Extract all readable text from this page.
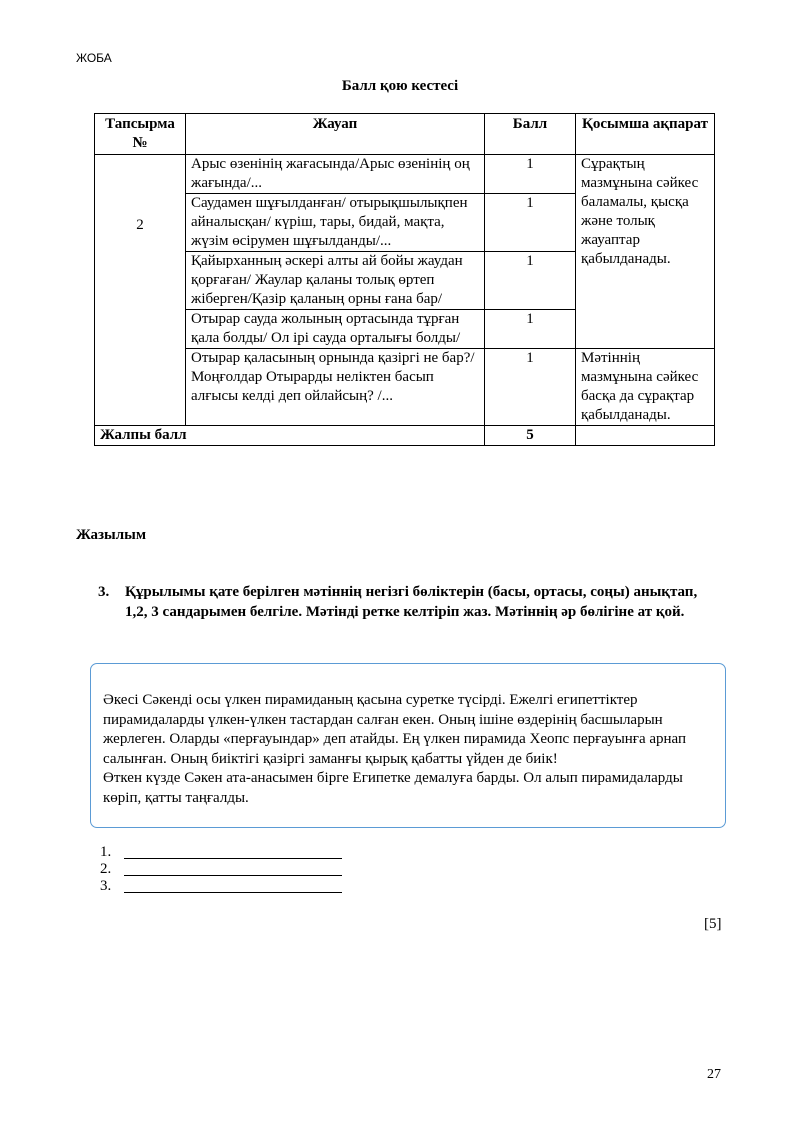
ЖОБА
Балл қою кестесі
Тапсырма №	Жауап	Балл	Қосымша ақпарат
2	Арыс өзенінің жағасында/Арыс өзенінің оң жағында/...	1	Сұрақтың мазмұнына сәйкес баламалы, қысқа және толық жауаптар қабылданады.
	Саудамен шұғылданған/ отырықшылықпен айналысқан/ күріш, тары, бидай, мақта, жүзім өсірумен шұғылданды/...	1	
	Қайырханның әскері алты ай бойы жаудан қорғаған/ Жаулар қаланы толық өртеп жіберген/Қазір қаланың орны ғана бар/	1	
	Отырар сауда жолының ортасында тұрған қала болды/ Ол ірі сауда орталығы болды/	1	
	Отырар қаласының орнында қазіргі не бар?/Моңғолдар Отырарды неліктен басып алғысы келді деп ойлайсың? /...	1	Мәтіннің мазмұнына сәйкес басқа да сұрақтар қабылданады.
Жалпы балл		5	
Жазылым
3. Құрылымы қате берілген мәтіннің негізгі бөліктерін (басы, ортасы, соңы) анықтап, 1,2, 3 сандарымен белгіле. Мәтінді ретке келтіріп жаз. Мәтіннің әр бөлігіне ат қой.
Әкесі Сәкенді осы үлкен пирамиданың қасына суретке түсірді. Ежелгі египеттіктер пирамидаларды үлкен-үлкен тастардан салған екен. Оның ішіне өздерінің басшыларын жерлеген. Оларды «перғауындар» деп атайды. Ең үлкен пирамида Хеопс перғауынға арнап салынған. Оның биіктігі қазіргі заманғы қырық қабатты үйден де биік!
Өткен күзде Сәкен ата-анасымен бірге Египетке демалуға барды. Ол алып пирамидаларды көріп, қатты таңғалды.
1.
2.
3.
[5]
27
